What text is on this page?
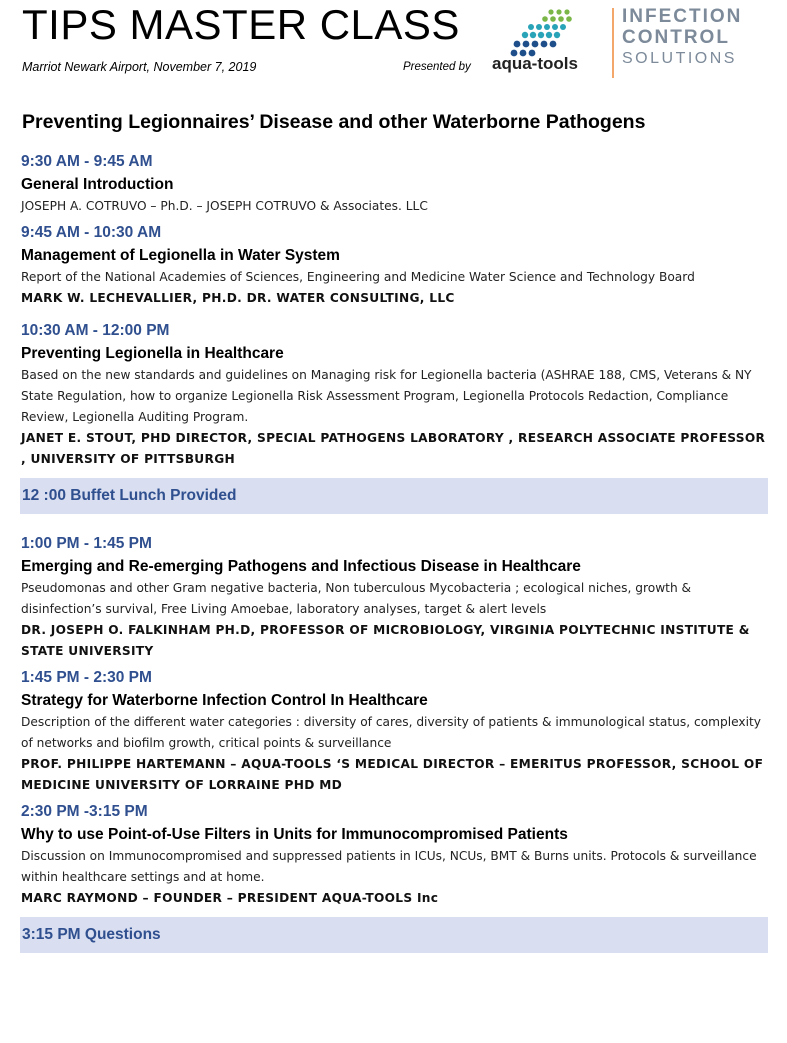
TIPS MASTER CLASS
Marriot Newark Airport, November 7, 2019	Presented by aqua-tools
INFECTION
CONTROL
SOLUTIONS
Preventing Legionnaires’ Disease and other Waterborne Pathogens
9:30 AM - 9:45 AM
General Introduction
JOSEPH A. COTRUVO – Ph.D. – JOSEPH COTRUVO & Associates. LLC
9:45 AM - 10:30 AM
Management of Legionella in Water System
Report of the National Academies of Sciences, Engineering and Medicine Water Science and Technology Board
MARK W. LECHEVALLIER, PH.D. DR. WATER CONSULTING, LLC
10:30 AM - 12:00 PM
Preventing Legionella in Healthcare
Based on the new standards and guidelines on Managing risk for Legionella bacteria (ASHRAE 188, CMS, Veterans & NY State Regulation, how to organize Legionella Risk Assessment Program, Legionella Protocols Redaction, Compliance Review, Legionella Auditing Program.
JANET E. STOUT, PHD DIRECTOR, SPECIAL PATHOGENS LABORATORY , RESEARCH ASSOCIATE PROFESSOR , UNIVERSITY OF PITTSBURGH
12 :00 Buffet Lunch Provided
1:00 PM - 1:45 PM
Emerging and Re-emerging Pathogens and Infectious Disease in Healthcare
Pseudomonas and other Gram negative bacteria, Non tuberculous Mycobacteria ; ecological niches, growth & disinfection’s survival, Free Living Amoebae, laboratory analyses, target & alert levels
DR. JOSEPH O. FALKINHAM PH.D, PROFESSOR OF MICROBIOLOGY, VIRGINIA POLYTECHNIC INSTITUTE & STATE UNIVERSITY
1:45 PM - 2:30 PM
Strategy for Waterborne Infection Control In Healthcare
Description of the different water categories : diversity of cares, diversity of patients & immunological status, complexity of networks and biofilm growth, critical points & surveillance
PROF. PHILIPPE HARTEMANN – AQUA-TOOLS ‘S MEDICAL DIRECTOR – EMERITUS PROFESSOR, SCHOOL OF MEDICINE UNIVERSITY OF LORRAINE PHD MD
2:30 PM -3:15 PM
Why to use Point-of-Use Filters in Units for Immunocompromised Patients
Discussion on Immunocompromised and suppressed patients in ICUs, NCUs, BMT & Burns units. Protocols & surveillance within healthcare settings and at home.
MARC RAYMOND – FOUNDER – PRESIDENT AQUA-TOOLS Inc
3:15 PM Questions
